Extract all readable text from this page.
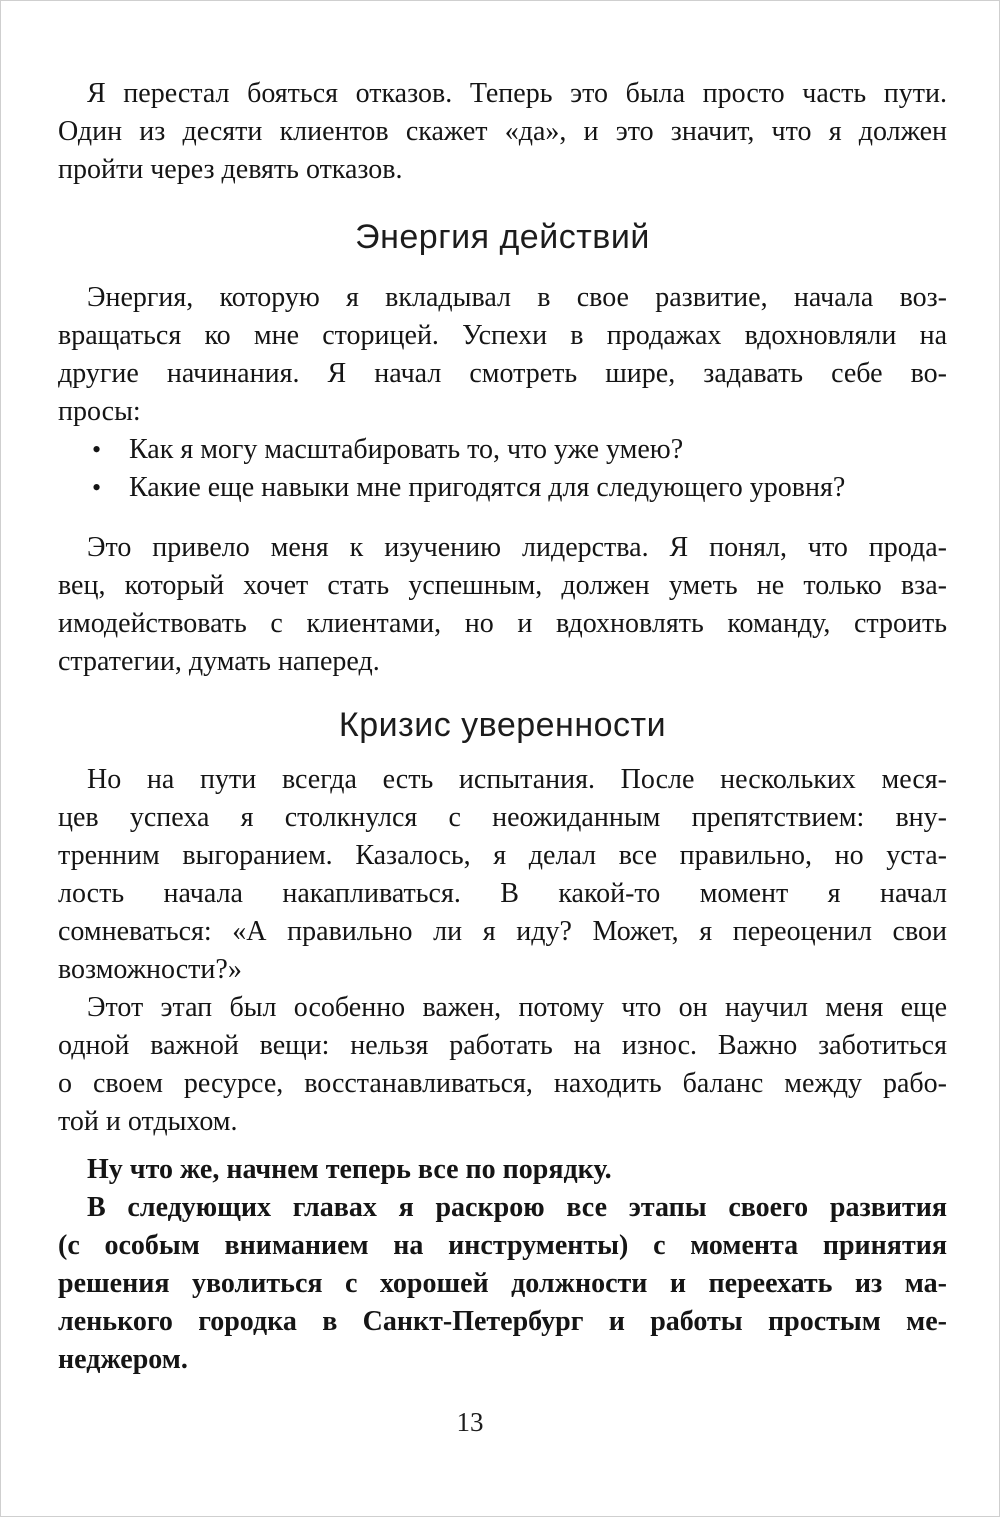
Я перестал бояться отказов. Теперь это была просто часть пути.
Один из десяти клиентов скажет «да», и это значит, что я должен
пройти через девять отказов.
Энергия действий
Энергия, которую я вкладывал в свое развитие, начала воз-
вращаться ко мне сторицей. Успехи в продажах вдохновляли на
другие начинания. Я начал смотреть шире, задавать себе во-
просы:
• Как я могу масштабировать то, что уже умею?
• Какие еще навыки мне пригодятся для следующего уровня?
Это привело меня к изучению лидерства. Я понял, что прода-
вец, который хочет стать успешным, должен уметь не только вза-
имодействовать с клиентами, но и вдохновлять команду, строить
стратегии, думать наперед.
Кризис уверенности
Но на пути всегда есть испытания. После нескольких меся-
цев успеха я столкнулся с неожиданным препятствием: вну-
тренним выгоранием. Казалось, я делал все правильно, но уста-
лость начала накапливаться. В какой-то момент я начал
сомневаться: «А правильно ли я иду? Может, я переоценил свои
возможности?»
Этот этап был особенно важен, потому что он научил меня еще
одной важной вещи: нельзя работать на износ. Важно заботиться
о своем ресурсе, восстанавливаться, находить баланс между рабо-
той и отдыхом.
Ну что же, начнем теперь все по порядку.
В следующих главах я раскрою все этапы своего развития
(с особым вниманием на инструменты) с момента принятия
решения уволиться с хорошей должности и переехать из ма-
ленького городка в Санкт-Петербург и работы простым ме-
неджером.
13
